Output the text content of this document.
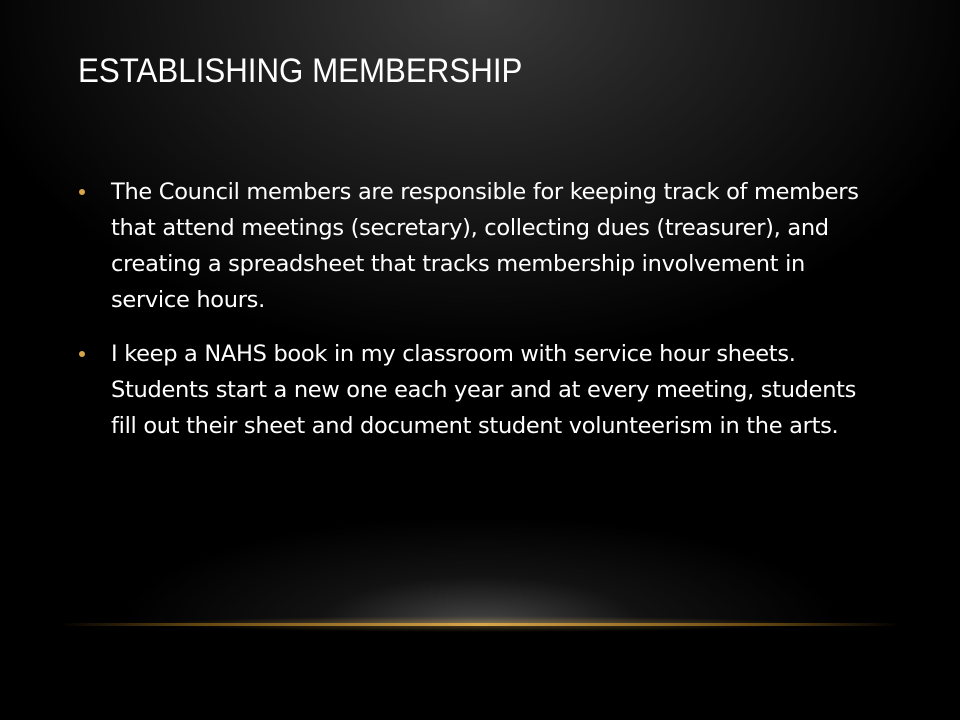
ESTABLISHING MEMBERSHIP
The Council members are responsible for keeping track of members that attend meetings (secretary), collecting dues (treasurer), and creating a spreadsheet that tracks membership involvement in service hours.
I keep a NAHS book in my classroom with service hour sheets. Students start a new one each year and at every meeting, students fill out their sheet and document student volunteerism in the arts.
